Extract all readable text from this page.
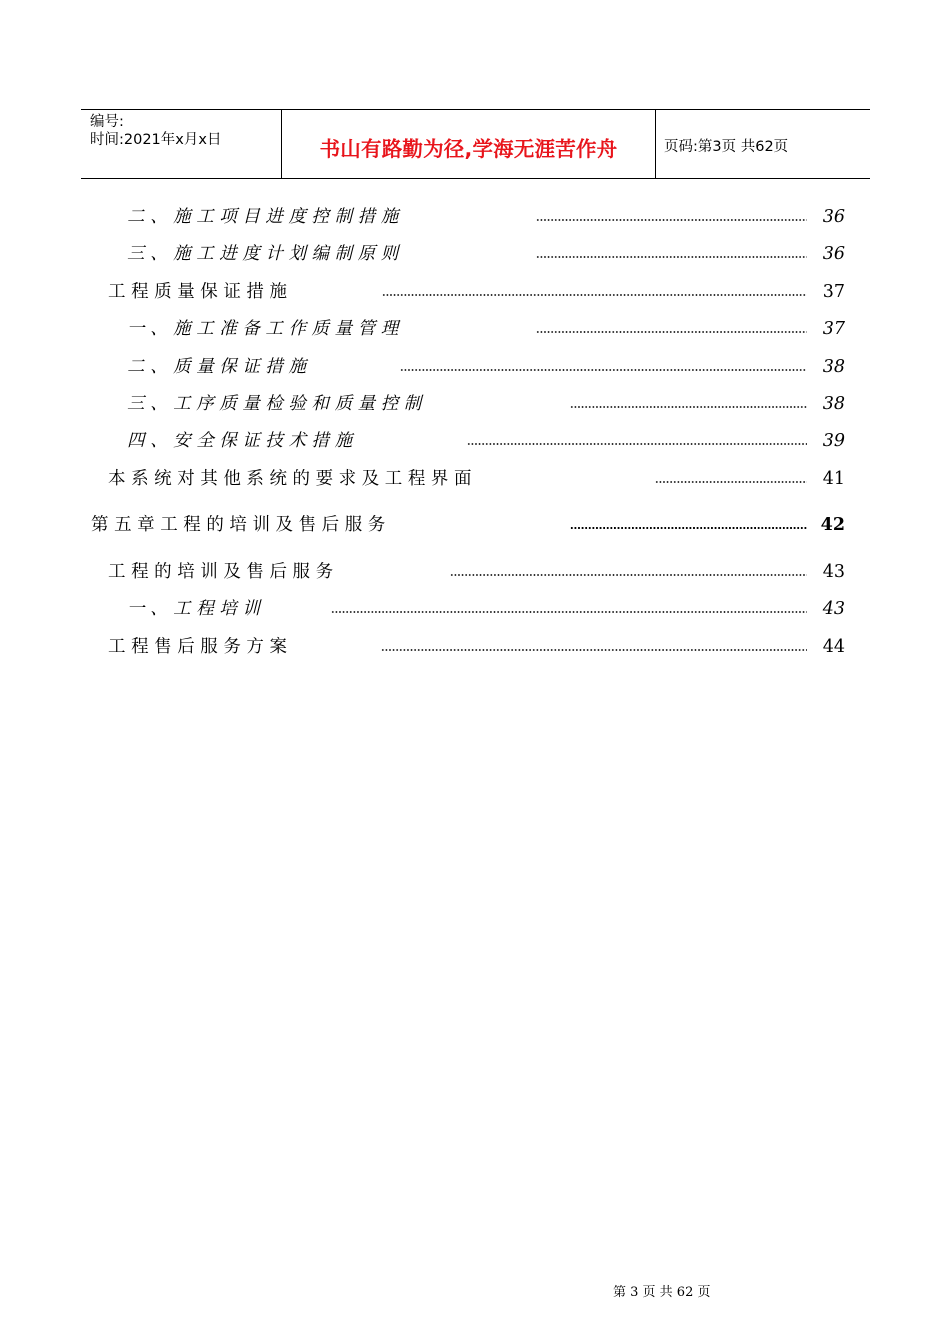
编号:
时间:2021年x月x日	书山有路勤为径,学海无涯苦作舟	页码:第3页 共62页
二 、 施 工 项 目 进 度 控 制 措 施	36
三 、 施 工 进 度 计 划 编 制 原 则	36
工 程 质 量 保 证 措 施	37
一 、 施 工 准 备 工 作 质 量 管 理	37
二 、 质 量 保 证 措 施	38
三 、 工 序 质 量 检 验 和 质 量 控 制	38
四 、 安 全 保 证 技 术 措 施	39
本 系 统 对 其 他 系 统 的 要 求 及 工 程 界 面	41
第 五 章 工 程 的 培 训 及 售 后 服 务	42
工 程 的 培 训 及 售 后 服 务	43
一 、 工 程 培 训	43
工 程 售 后 服 务 方 案	44
第 3 页 共 62 页
